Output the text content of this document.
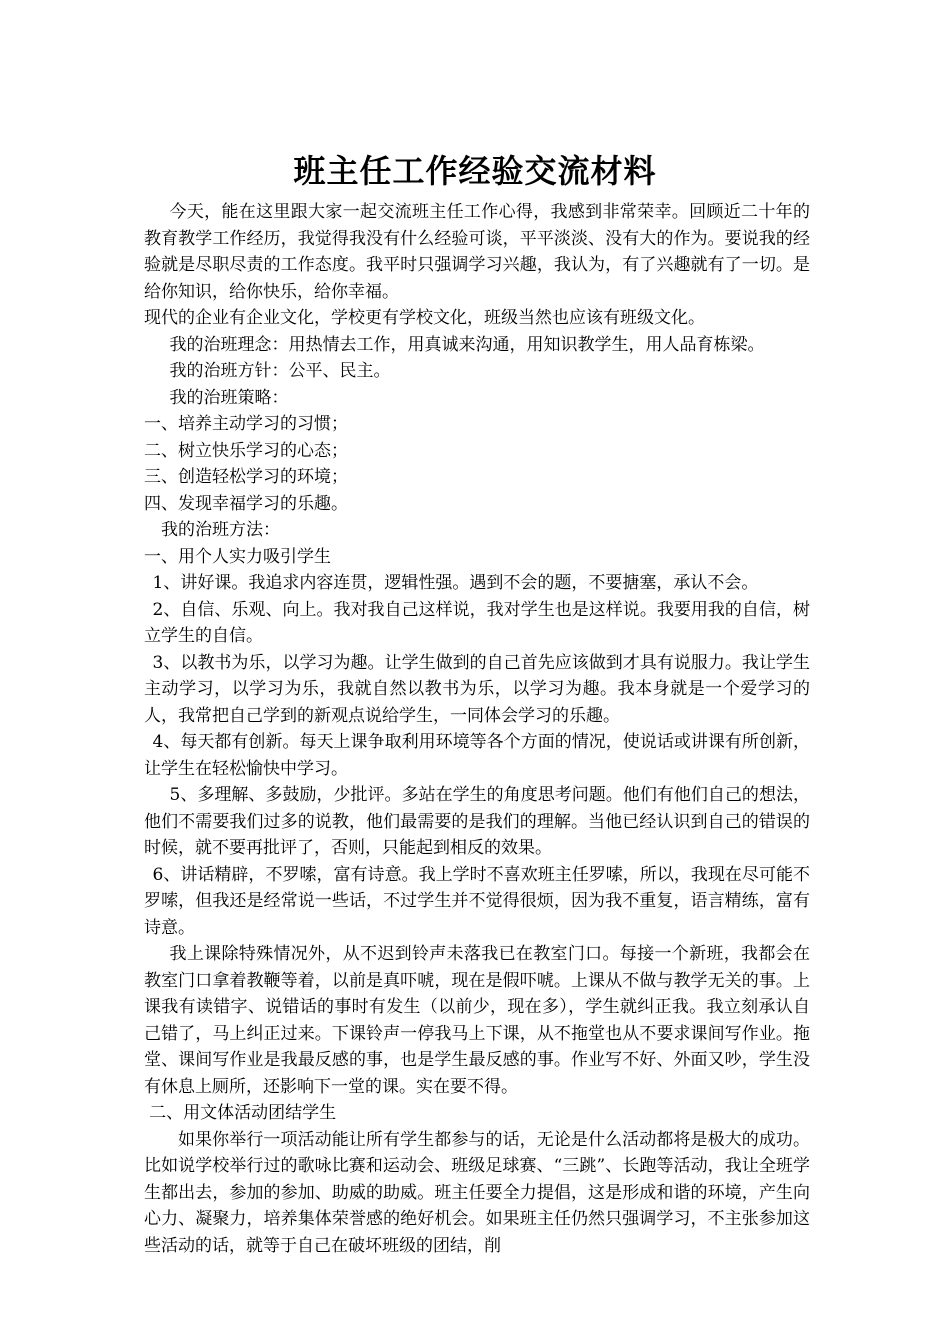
班主任工作经验交流材料

今天，能在这里跟大家一起交流班主任工作心得，我感到非常荣幸。回顾近二十年的教育教学工作经历，我觉得我没有什么经验可谈，平平淡淡、没有大的作为。要说我的经验就是尽职尽责的工作态度。我平时只强调学习兴趣，我认为，有了兴趣就有了一切。是给你知识，给你快乐，给你幸福。

现代的企业有企业文化，学校更有学校文化，班级当然也应该有班级文化。

我的治班理念：用热情去工作，用真诚来沟通，用知识教学生，用人品育栋梁。

我的治班方针：公平、民主。

我的治班策略：

一、培养主动学习的习惯；

二、树立快乐学习的心态；

三、创造轻松学习的环境；

四、发现幸福学习的乐趣。

我的治班方法：

一、用个人实力吸引学生

1、讲好课。我追求内容连贯，逻辑性强。遇到不会的题，不要搪塞，承认不会。

2、自信、乐观、向上。我对我自己这样说，我对学生也是这样说。我要用我的自信，树立学生的自信。

3、以教书为乐，以学习为趣。让学生做到的自己首先应该做到才具有说服力。我让学生主动学习，以学习为乐，我就自然以教书为乐，以学习为趣。我本身就是一个爱学习的人，我常把自己学到的新观点说给学生，一同体会学习的乐趣。

4、每天都有创新。每天上课争取利用环境等各个方面的情况，使说话或讲课有所创新，让学生在轻松愉快中学习。

5、多理解、多鼓励，少批评。多站在学生的角度思考问题。他们有他们自己的想法，他们不需要我们过多的说教，他们最需要的是我们的理解。当他已经认识到自己的错误的时候，就不要再批评了，否则，只能起到相反的效果。

6、讲话精辟，不罗嗦，富有诗意。我上学时不喜欢班主任罗嗦，所以，我现在尽可能不罗嗦，但我还是经常说一些话，不过学生并不觉得很烦，因为我不重复，语言精练，富有诗意。

我上课除特殊情况外，从不迟到铃声未落我已在教室门口。每接一个新班，我都会在教室门口拿着教鞭等着，以前是真吓唬，现在是假吓唬。上课从不做与教学无关的事。上课我有读错字、说错话的事时有发生（以前少，现在多），学生就纠正我。我立刻承认自己错了，马上纠正过来。下课铃声一停我马上下课，从不拖堂也从不要求课间写作业。拖堂、课间写作业是我最反感的事，也是学生最反感的事。作业写不好、外面又吵，学生没有休息上厕所，还影响下一堂的课。实在要不得。

二、用文体活动团结学生

如果你举行一项活动能让所有学生都参与的话，无论是什么活动都将是极大的成功。比如说学校举行过的歌咏比赛和运动会、班级足球赛、“三跳”、长跑等活动，我让全班学生都出去，参加的参加、助威的助威。班主任要全力提倡，这是形成和谐的环境，产生向心力、凝聚力，培养集体荣誉感的绝好机会。如果班主任仍然只强调学习，不主张参加这些活动的话，就等于自己在破坏班级的团结，削
